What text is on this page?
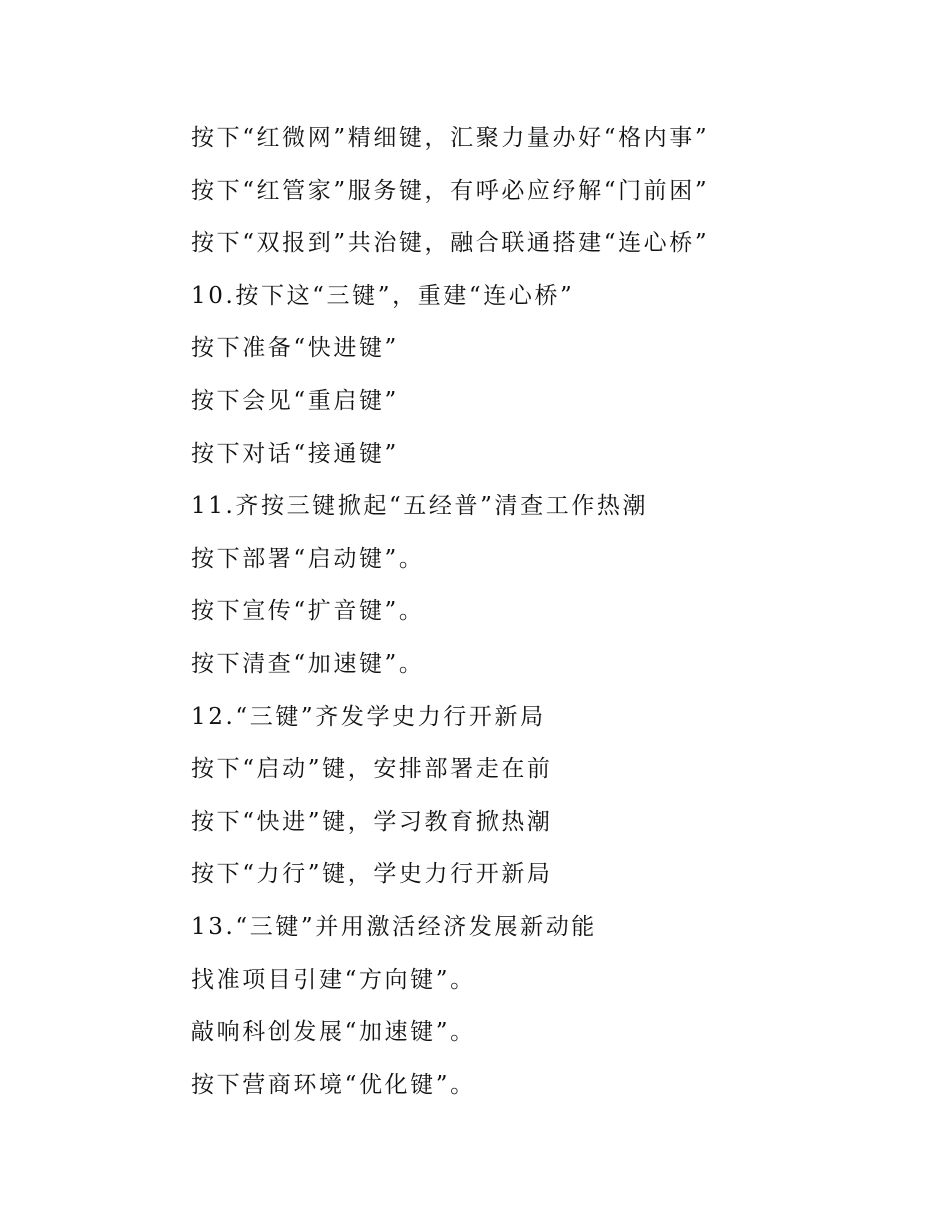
按下“红微网”精细键，汇聚力量办好“格内事”
按下“红管家”服务键，有呼必应纾解“门前困”
按下“双报到”共治键，融合联通搭建“连心桥”
10.按下这“三键”，重建“连心桥”
按下准备“快进键”
按下会见“重启键”
按下对话“接通键”
11.齐按三键掀起“五经普”清查工作热潮
按下部署“启动键”。
按下宣传“扩音键”。
按下清查“加速键”。
12.“三键”齐发学史力行开新局
按下“启动”键，安排部署走在前
按下“快进”键，学习教育掀热潮
按下“力行”键，学史力行开新局
13.“三键”并用激活经济发展新动能
找准项目引建“方向键”。
敲响科创发展“加速键”。
按下营商环境“优化键”。
